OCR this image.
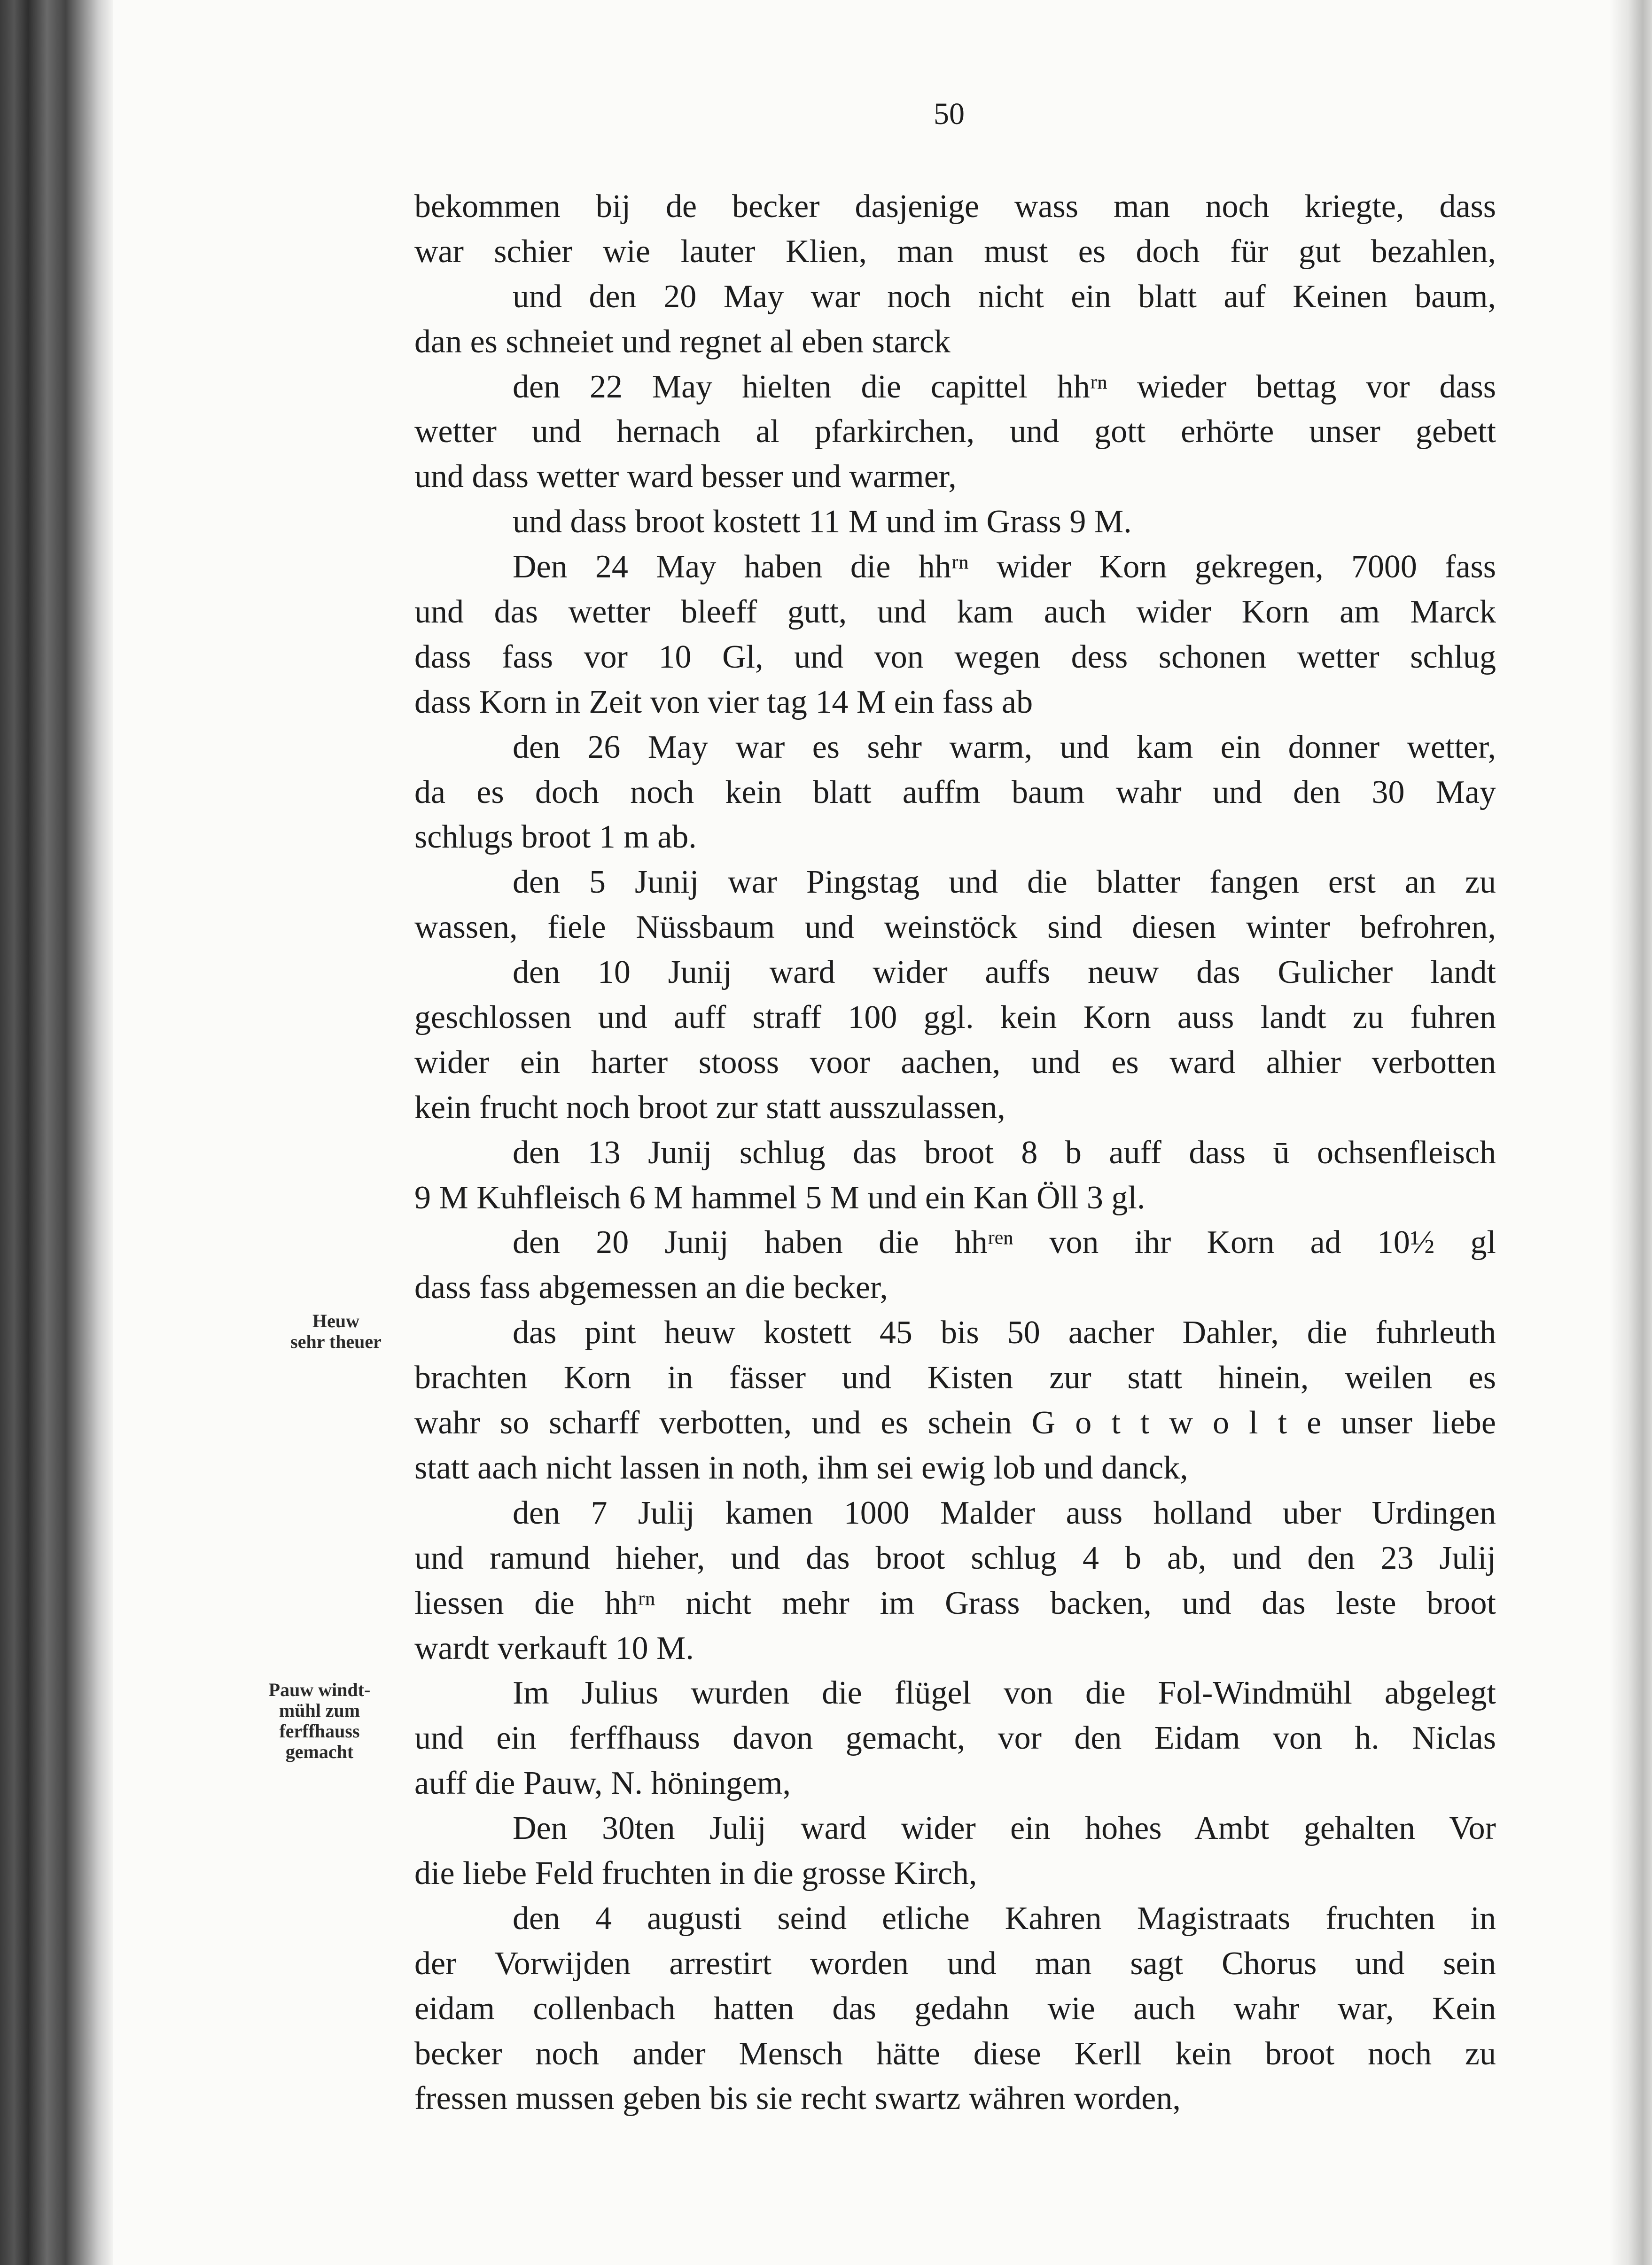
50
Heuw
sehr theuer
Pauw windt-
mühl zum
ferffhauss
gemacht
bekommen bij de becker dasjenige wass man noch kriegte, dass
war schier wie lauter Klien, man must es doch für gut bezahlen,
und den 20 May war noch nicht ein blatt auf Keinen baum,
dan es schneiet und regnet al eben starck
den 22 May hielten die capittel hhʳⁿ wieder bettag vor dass
wetter und hernach al pfarkirchen, und gott erhörte unser gebett
und dass wetter ward besser und warmer,
und dass broot kostett 11 M und im Grass 9 M.
Den 24 May haben die hhʳⁿ wider Korn gekregen, 7000 fass
und das wetter bleeff gutt, und kam auch wider Korn am Marck
dass fass vor 10 Gl, und von wegen dess schonen wetter schlug
dass Korn in Zeit von vier tag 14 M ein fass ab
den 26 May war es sehr warm, und kam ein donner wetter,
da es doch noch kein blatt auffm baum wahr und den 30 May
schlugs broot 1 m ab.
den 5 Junij war Pingstag und die blatter fangen erst an zu
wassen, fiele Nüssbaum und weinstöck sind diesen winter befrohren,
den 10 Junij ward wider auffs neuw das Gulicher landt
geschlossen und auff straff 100 ggl. kein Korn auss landt zu fuhren
wider ein harter stooss voor aachen, und es ward alhier verbotten
kein frucht noch broot zur statt ausszulassen,
den 13 Junij schlug das broot 8 b auff dass ū ochsenfleisch
9 M Kuhfleisch 6 M hammel 5 M und ein Kan Öll 3 gl.
den 20 Junij haben die hhʳᵉⁿ von ihr Korn ad 10½ gl
dass fass abgemessen an die becker,
das pint heuw kostett 45 bis 50 aacher Dahler, die fuhrleuth
brachten Korn in fässer und Kisten zur statt hinein, weilen es
wahr so scharff verbotten, und es schein G o t t w o l t e unser liebe
statt aach nicht lassen in noth, ihm sei ewig lob und danck,
den 7 Julij kamen 1000 Malder auss holland uber Urdingen
und ramund hieher, und das broot schlug 4 b ab, und den 23 Julij
liessen die hhʳⁿ nicht mehr im Grass backen, und das leste broot
wardt verkauft 10 M.
Im Julius wurden die flügel von die Fol-Windmühl abgelegt
und ein ferffhauss davon gemacht, vor den Eidam von h. Niclas
auff die Pauw, N. höningem,
Den 30ten Julij ward wider ein hohes Ambt gehalten Vor
die liebe Feld fruchten in die grosse Kirch,
den 4 augusti seind etliche Kahren Magistraats fruchten in
der Vorwijden arrestirt worden und man sagt Chorus und sein
eidam collenbach hatten das gedahn wie auch wahr war, Kein
becker noch ander Mensch hätte diese Kerll kein broot noch zu
fressen mussen geben bis sie recht swartz währen worden,
